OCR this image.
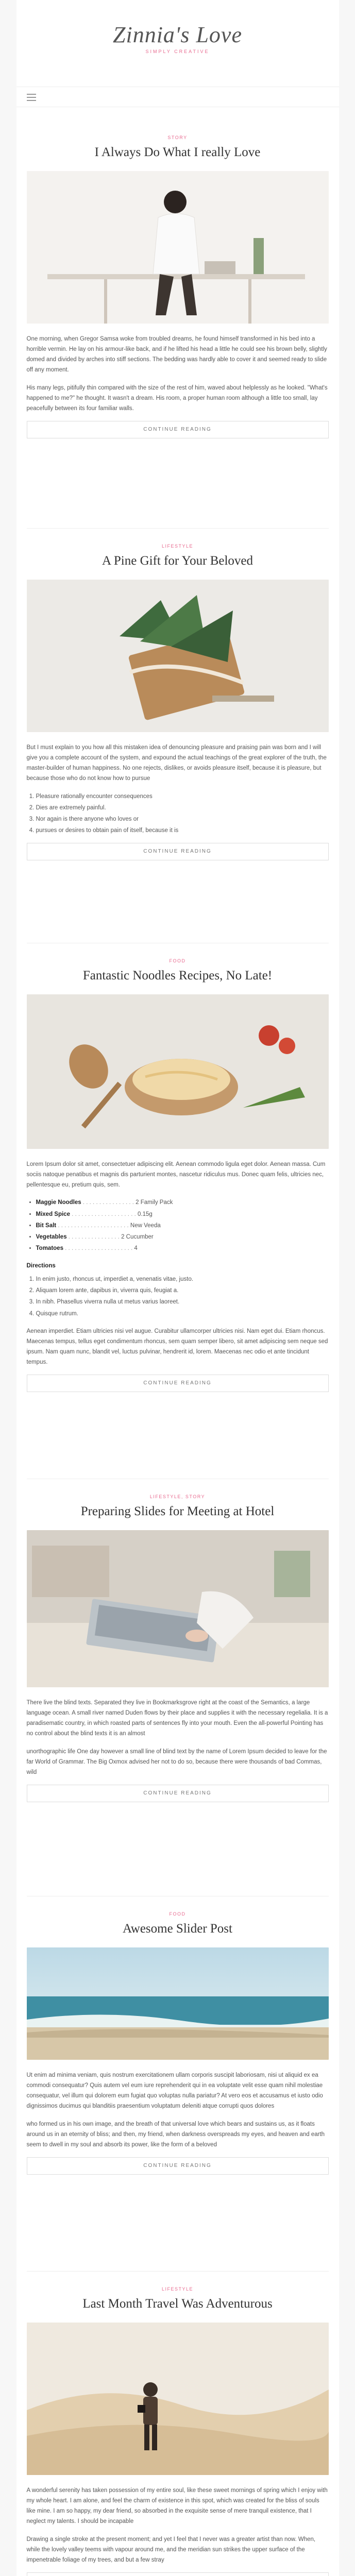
Zinnia's Love
SIMPLY CREATIVE
STORY
I Always Do What I really Love

One morning, when Gregor Samsa woke from troubled dreams, he found himself transformed in his bed into a horrible vermin. He lay on his armour-like back, and if he lifted his head a little he could see his brown belly, slightly domed and divided by arches into stiff sections. The bedding was hardly able to cover it and seemed ready to slide off any moment.

His many legs, pitifully thin compared with the size of the rest of him, waved about helplessly as he looked. "What's happened to me?" he thought. It wasn't a dream. His room, a proper human room although a little too small, lay peacefully between its four familiar walls.

CONTINUE READING
LIFESTYLE
A Pine Gift for Your Beloved

But I must explain to you how all this mistaken idea of denouncing pleasure and praising pain was born and I will give you a complete account of the system, and expound the actual teachings of the great explorer of the truth, the master-builder of human happiness. No one rejects, dislikes, or avoids pleasure itself, because it is pleasure, but because those who do not know how to pursue

1. Pleasure rationally encounter consequences
2. Dies are extremely painful.
3. Nor again is there anyone who loves or
4. pursues or desires to obtain pain of itself, because it is
CONTINUE READING
FOOD
Fantastic Noodles Recipes, No Late!

Lorem Ipsum dolor sit amet, consectetuer adipiscing elit. Aenean commodo ligula eget dolor. Aenean massa. Cum sociis natoque penatibus et magnis dis parturient montes, nascetur ridiculus mus. Donec quam felis, ultricies nec, pellentesque eu, pretium quis, sem.

• Maggie Noodles . . . . . . . . . . . . . . . . 2 Family Pack
• Mixed Spice . . . . . . . . . . . . . . . . . . . . 0.15g
• Bit Salt . . . . . . . . . . . . . . . . . . . . . . New Veeda
• Vegetables . . . . . . . . . . . . . . . . 2 Cucumber
• Tomatoes . . . . . . . . . . . . . . . . . . . . . 4

Directions

1. In enim justo, rhoncus ut, imperdiet a, venenatis vitae, justo.
2. Aliquam lorem ante, dapibus in, viverra quis, feugiat a.
3. In nibh. Phasellus viverra nulla ut metus varius laoreet.
4. Quisque rutrum.

Aenean imperdiet. Etiam ultricies nisi vel augue. Curabitur ullamcorper ultricies nisi. Nam eget dui. Etiam rhoncus. Maecenas tempus, tellus eget condimentum rhoncus, sem quam semper libero, sit amet adipiscing sem neque sed ipsum. Nam quam nunc, blandit vel, luctus pulvinar, hendrerit id, lorem. Maecenas nec odio et ante tincidunt tempus.

CONTINUE READING
LIFESTYLE, STORY
Preparing Slides for Meeting at Hotel

There live the blind texts. Separated they live in Bookmarksgrove right at the coast of the Semantics, a large language ocean. A small river named Duden flows by their place and supplies it with the necessary regelialia. It is a paradisematic country, in which roasted parts of sentences fly into your mouth. Even the all-powerful Pointing has no control about the blind texts it is an almost

unorthographic life One day however a small line of blind text by the name of Lorem Ipsum decided to leave for the far World of Grammar. The Big Oxmox advised her not to do so, because there were thousands of bad Commas, wild

CONTINUE READING
FOOD
Awesome Slider Post

Ut enim ad minima veniam, quis nostrum exercitationem ullam corporis suscipit laboriosam, nisi ut aliquid ex ea commodi consequatur? Quis autem vel eum iure reprehenderit qui in ea voluptate velit esse quam nihil molestiae consequatur, vel illum qui dolorem eum fugiat quo voluptas nulla pariatur? At vero eos et accusamus et iusto odio dignissimos ducimus qui blanditiis praesentium voluptatum deleniti atque corrupti quos dolores

who formed us in his own image, and the breath of that universal love which bears and sustains us, as it floats around us in an eternity of bliss; and then, my friend, when darkness overspreads my eyes, and heaven and earth seem to dwell in my soul and absorb its power, like the form of a beloved

CONTINUE READING
LIFESTYLE
Last Month Travel Was Adventurous

A wonderful serenity has taken possession of my entire soul, like these sweet mornings of spring which I enjoy with my whole heart. I am alone, and feel the charm of existence in this spot, which was created for the bliss of souls like mine. I am so happy, my dear friend, so absorbed in the exquisite sense of mere tranquil existence, that I neglect my talents. I should be incapable

Drawing a single stroke at the present moment; and yet I feel that I never was a greater artist than now. When, while the lovely valley teems with vapour around me, and the meridian sun strikes the upper surface of the impenetrable foliage of my trees, and but a few stray
